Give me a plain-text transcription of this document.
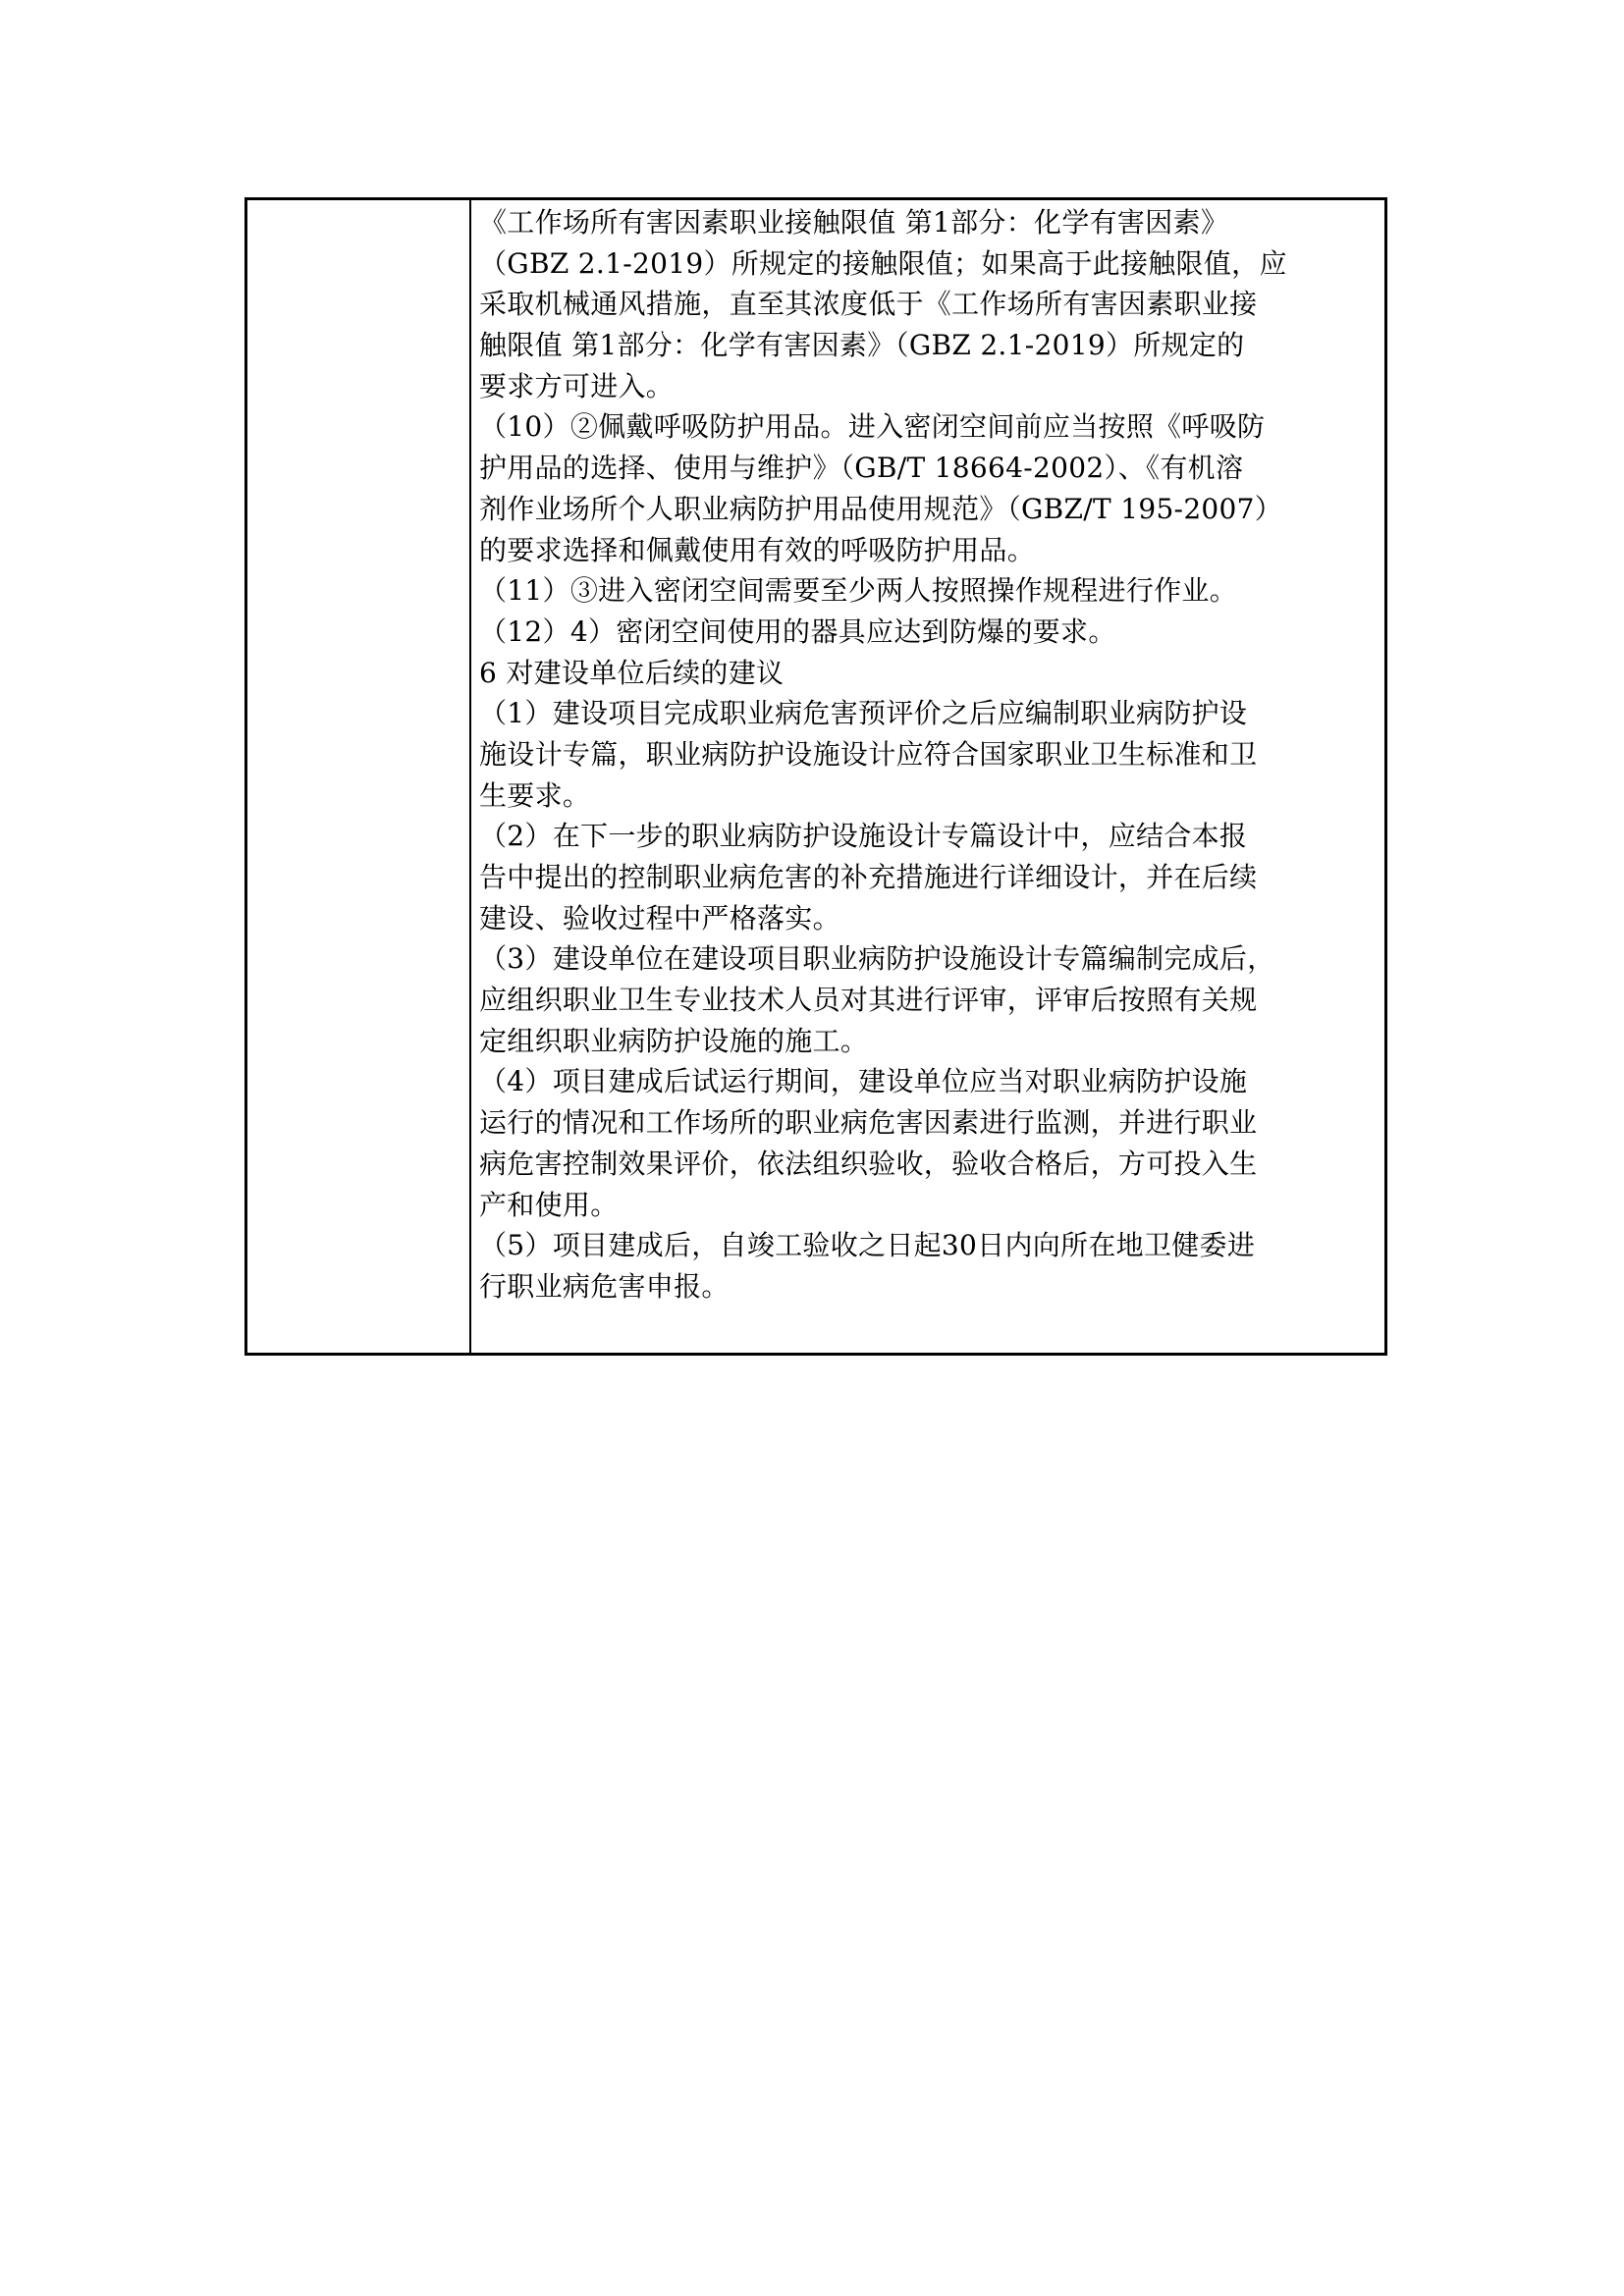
《工作场所有害因素职业接触限值 第1部分：化学有害因素》
（GBZ 2.1-2019）所规定的接触限值；如果高于此接触限值，应
采取机械通风措施，直至其浓度低于《工作场所有害因素职业接
触限值 第1部分：化学有害因素》（GBZ 2.1-2019）所规定的
要求方可进入。
（10）②佩戴呼吸防护用品。进入密闭空间前应当按照《呼吸防
护用品的选择、使用与维护》（GB/T 18664-2002）、《有机溶
剂作业场所个人职业病防护用品使用规范》（GBZ/T 195-2007）
的要求选择和佩戴使用有效的呼吸防护用品。
（11）③进入密闭空间需要至少两人按照操作规程进行作业。
（12）4）密闭空间使用的器具应达到防爆的要求。
6 对建设单位后续的建议
（1）建设项目完成职业病危害预评价之后应编制职业病防护设
施设计专篇，职业病防护设施设计应符合国家职业卫生标准和卫
生要求。
（2）在下一步的职业病防护设施设计专篇设计中，应结合本报
告中提出的控制职业病危害的补充措施进行详细设计，并在后续
建设、验收过程中严格落实。
（3）建设单位在建设项目职业病防护设施设计专篇编制完成后，
应组织职业卫生专业技术人员对其进行评审，评审后按照有关规
定组织职业病防护设施的施工。
（4）项目建成后试运行期间，建设单位应当对职业病防护设施
运行的情况和工作场所的职业病危害因素进行监测，并进行职业
病危害控制效果评价，依法组织验收，验收合格后，方可投入生
产和使用。
（5）项目建成后，自竣工验收之日起30日内向所在地卫健委进
行职业病危害申报。
